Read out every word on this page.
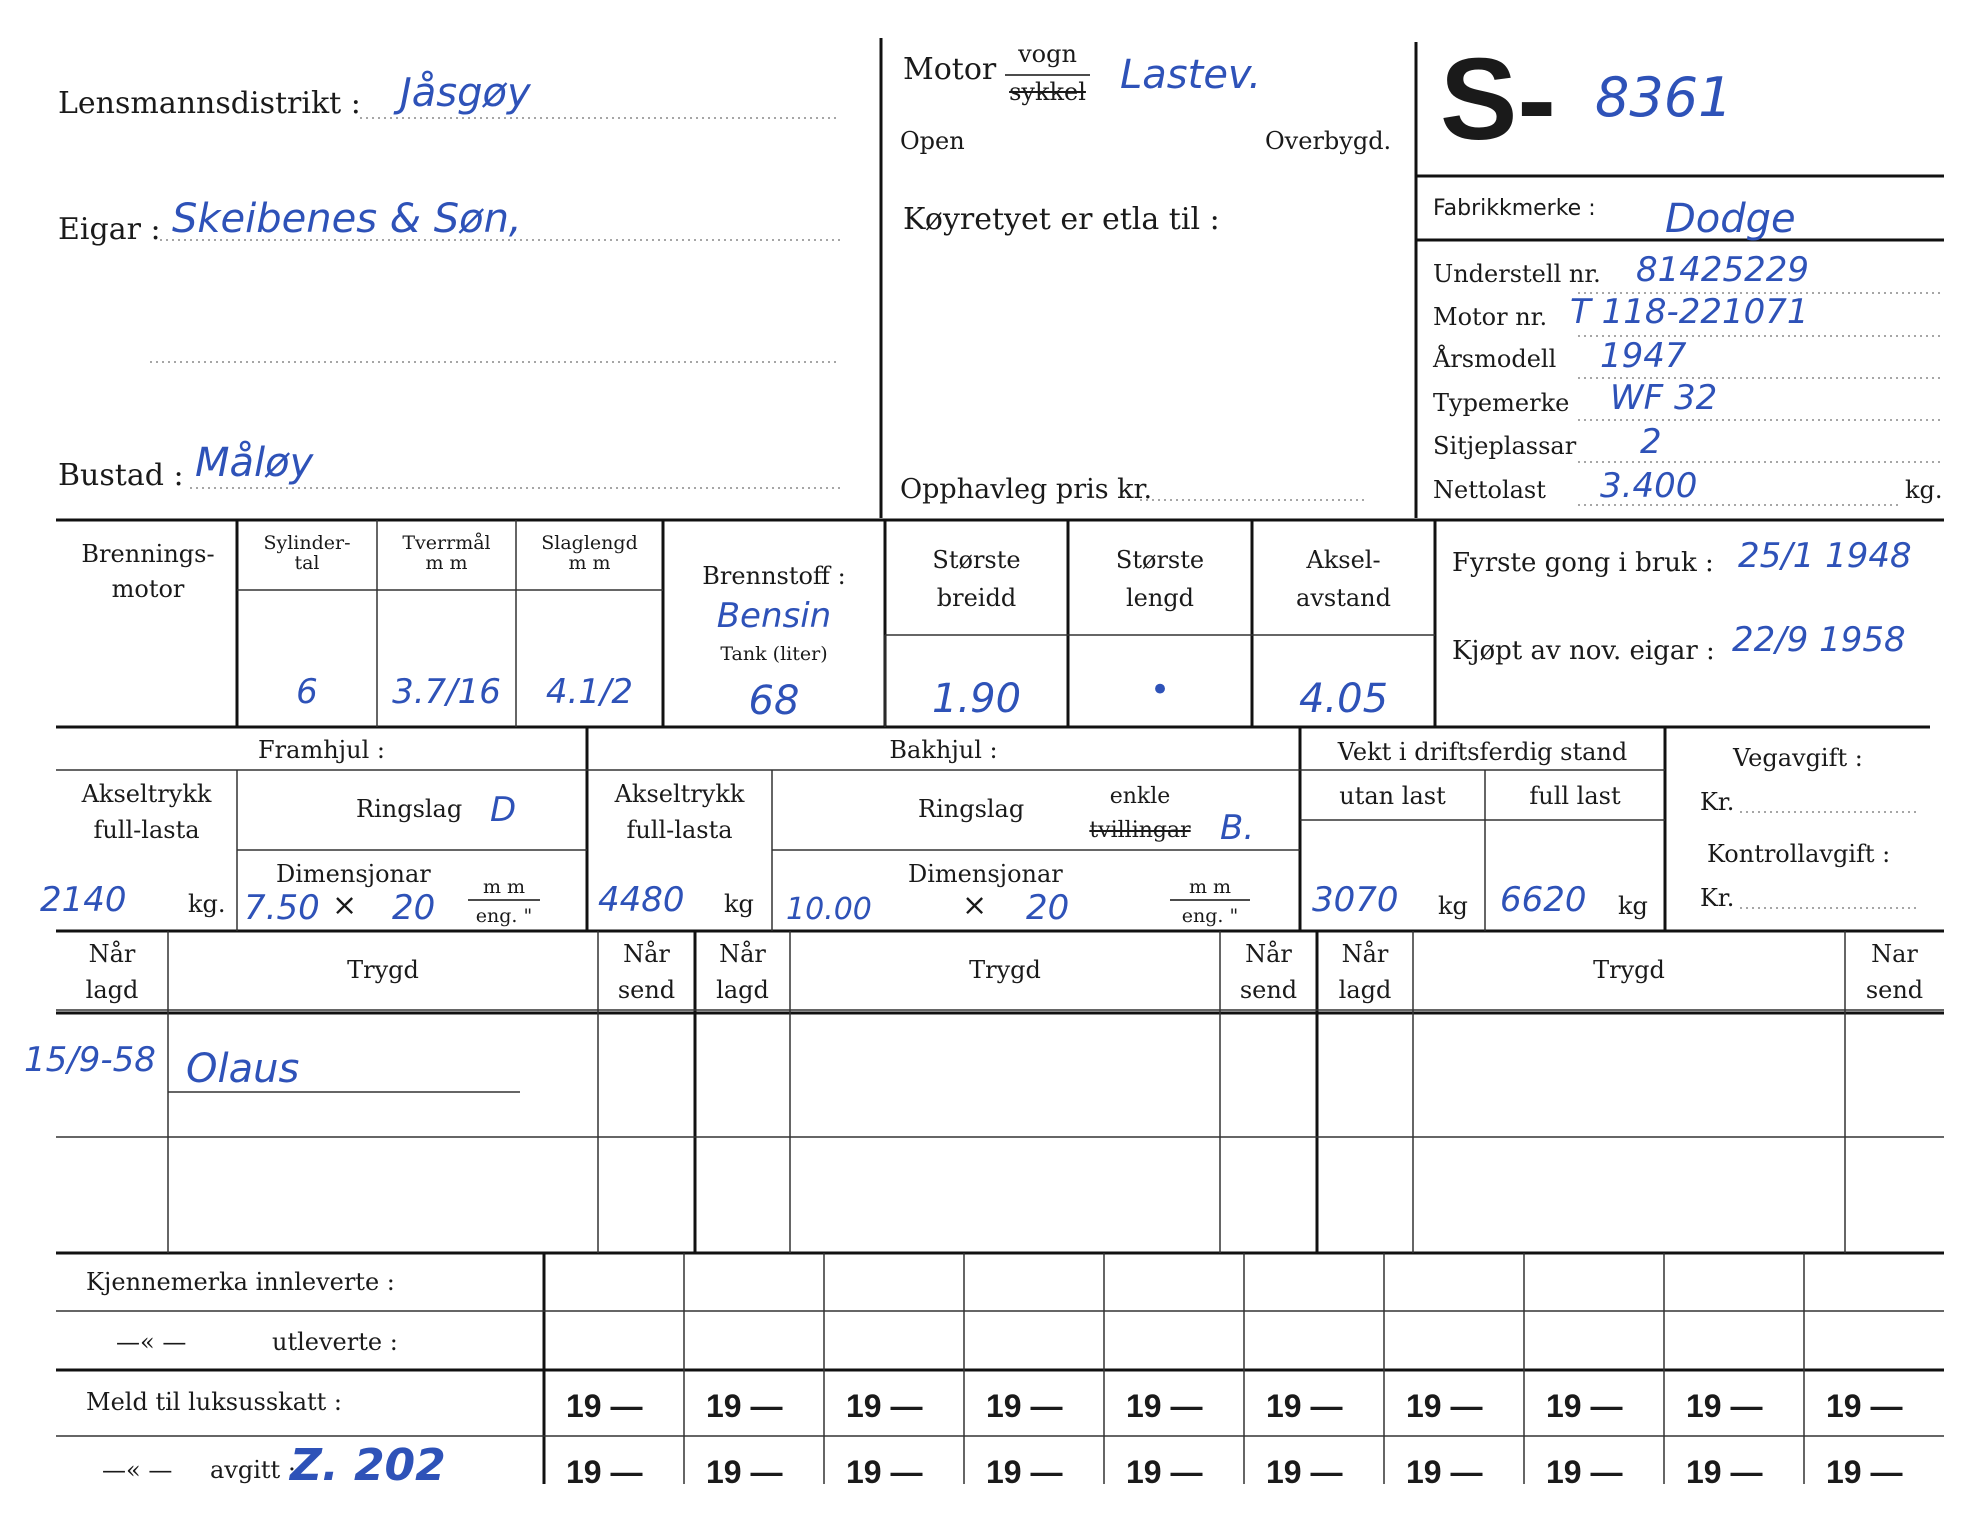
Lensmannsdistrikt : Jåsgøy
Eigar : Skeibenes & Søn,
Bustad : Måløy
Motor vogn
sykkel Lastev.
Open	Overbygd.
Køyretyet er etla til :
Opphavleg pris kr.
S- 8361
Fabrikkmerke : Dodge
Understell nr. 81425229
Motor nr. T 118-221071
Årsmodell 1947
Typemerke WF 32
Sitjeplassar 2
Nettolast 3.400	kg.
Brennings-
motor
Sylinder-
tal
6
Tverrmål
m m
3.7/16
Slaglengd
m m
4.1/2
Brennstoff :
Bensin
Tank (liter)
68
Største
breidd
1.90
Største
lengd
•
Aksel-
avstand
4.05
Fyrste gong i bruk : 25/1 1948
Kjøpt av nov. eigar : 22/9 1958
Framhjul :	Bakhjul :
Akseltrykk
full-lasta
2140	kg.
Ringslag D
Dimensjonar
7.50 × 20
m m
eng. "
Akseltrykk
full-lasta
4480 kg
Ringslag	enkle
tvillingar B.
Dimensjonar
10.00	× 20
m m
eng. "
Vekt i driftsferdig stand
utan last	full last
3070 kg 6620 kg
Vegavgift :
Kr.
Kontrollavgift :
Kr.
Når
lagd
Trygd
Når
send
Når
lagd
Trygd
Når
send
Når
lagd
Trygd
Nar
send
15/9-58 Olaus
Kjennemerka innleverte :
—« —	utleverte :
Meld til luksusskatt :
—« — avgitt :
Z. 202
19 — 19 — 19 — 19 — 19 — 19 — 19 — 19 — 19 — 19 —
19 — 19 — 19 — 19 — 19 — 19 — 19 — 19 — 19 — 19 —
